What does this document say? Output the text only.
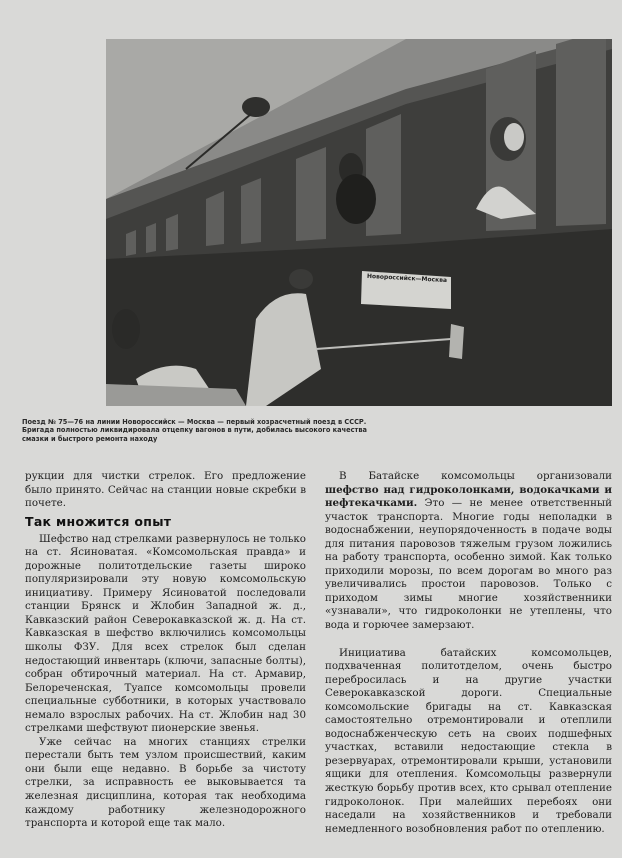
Новороссийск—Москва
Поезд № 75—76 на линии Новороссийск — Москва — первый хозрасчетный поезд в СССР.
Бригада полностью ликвидировала отцепку вагонов в пути, добилась высокого качества
смазки и быстрого ремонта находу

рукции для чистки стрелок. Его предложение было принято. Сейчас на станции новые скребки в почете.

Так множится опыт

Шефство над стрелками развернулось не только на ст. Ясиноватая. «Комсомольская правда» и дорожные политотдельские газеты широко популяризировали эту новую комсомольскую инициативу. Примеру Ясиноватой последовали станции Брянск и Жлобин Западной ж. д., Кавказский район Северокавказской ж. д. На ст. Кавказская в шефство включились комсомольцы школы ФЗУ. Для всех стрелок был сделан недостающий инвентарь (ключи, запасные болты), собран обтирочный материал. На ст. Армавир, Белореченская, Туапсе комсомольцы провели специальные субботники, в которых участвовало немало взрослых рабочих. На ст. Жлобин над 30 стрелками шефствуют пионерские звенья.

Уже сейчас на многих станциях стрелки перестали быть тем узлом происшествий, каким они были еще недавно. В борьбе за чистоту стрелки, за исправность ее выковывается та железная дисциплина, которая так необходима каждому работнику железнодорожного транспорта и которой еще так мало.

В Батайске комсомольцы организовали шефство над гидроколонками, водокачками и нефтекачками. Это — не менее ответственный участок транспорта. Многие годы неполадки в водоснабжении, неупорядоченность в подаче воды для питания паровозов тяжелым грузом ложились на работу транспорта, особенно зимой. Как только приходили морозы, по всем дорогам во много раз увеличивались простои паровозов. Только с приходом зимы многие хозяйственники «узнавали», что гидроколонки не утеплены, что вода и горючее замерзают.

Инициатива батайских комсомольцев, подхваченная политотделом, очень быстро перебросилась и на другие участки Северокавказской дороги. Специальные комсомольские бригады на ст. Кавказская самостоятельно отремонтировали и отеплили водоснабженческую сеть на своих подшефных участках, вставили недостающие стекла в резервуарах, отремонтировали крыши, установили ящики для отепления. Комсомольцы развернули жесткую борьбу против всех, кто срывал отепление гидроколонок. При малейших перебоях они наседали на хозяйственников и требовали немедленного возобновления работ по отеплению.
